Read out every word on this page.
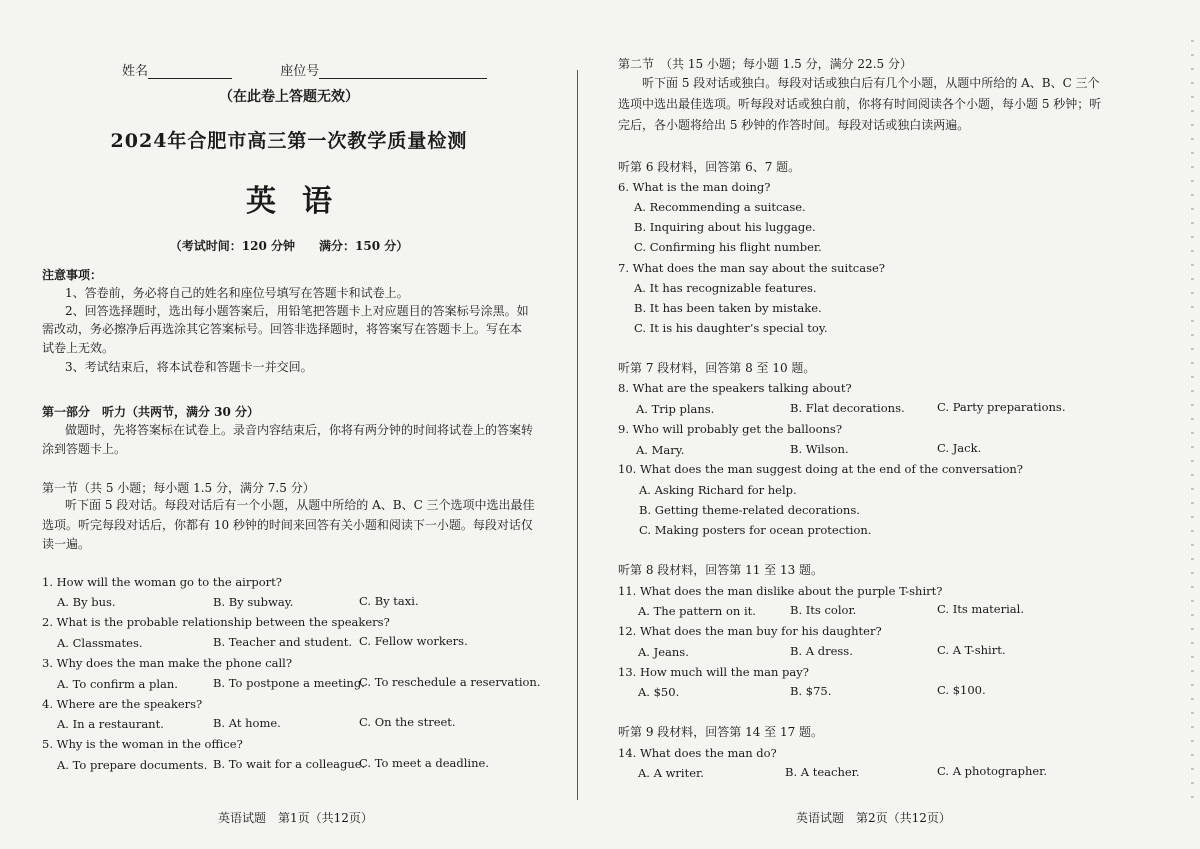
姓名	座位号
（在此卷上答题无效）
2024年合肥市高三第一次教学质量检测
英语
（考试时间：120 分钟　　满分：150 分）
注意事项：
1、答卷前，务必将自己的姓名和座位号填写在答题卡和试卷上。
2、回答选择题时，选出每小题答案后，用铅笔把答题卡上对应题目的答案标号涂黑。如
需改动，务必擦净后再选涂其它答案标号。回答非选择题时，将答案写在答题卡上。写在本
试卷上无效。
3、考试结束后，将本试卷和答题卡一并交回。
第一部分　听力（共两节，满分 30 分）
做题时，先将答案标在试卷上。录音内容结束后，你将有两分钟的时间将试卷上的答案转
涂到答题卡上。
第一节（共 5 小题；每小题 1.5 分，满分 7.5 分）
听下面 5 段对话。每段对话后有一个小题，从题中所给的 A、B、C 三个选项中选出最佳
选项。听完每段对话后，你都有 10 秒钟的时间来回答有关小题和阅读下一小题。每段对话仅
读一遍。
1. How will the woman go to the airport?
A. By bus.	B. By subway.	C. By taxi.
2. What is the probable relationship between the speakers?
A. Classmates.	B. Teacher and student. C. Fellow workers.
3. Why does the man make the phone call?
A. To confirm a plan.	B. To postpone a meeting.
C. To reschedule a reservation.
4. Where are the speakers?
A. In a restaurant.	B. At home.	C. On the street.
5. Why is the woman in the office?
A. To prepare documents. B. To wait for a colleague.
C. To meet a deadline.
英语试题　第1页（共12页）
第二节　（共 15 小题；每小题 1.5 分，满分 22.5 分）
听下面 5 段对话或独白。每段对话或独白后有几个小题，从题中所给的 A、B、C 三个
选项中选出最佳选项。听每段对话或独白前，你将有时间阅读各个小题，每小题 5 秒钟；听
完后，各小题将给出 5 秒钟的作答时间。每段对话或独白读两遍。
听第 6 段材料，回答第 6、7 题。
6. What is the man doing?
A. Recommending a suitcase.
B. Inquiring about his luggage.
C. Confirming his flight number.
7. What does the man say about the suitcase?
A. It has recognizable features.
B. It has been taken by mistake.
C. It is his daughter’s special toy.
听第 7 段材料，回答第 8 至 10 题。
8. What are the speakers talking about?
A. Trip plans.	B. Flat decorations.	C. Party preparations.
9. Who will probably get the balloons?
A. Mary.	B. Wilson.	C. Jack.
10. What does the man suggest doing at the end of the conversation?
A. Asking Richard for help.
B. Getting theme-related decorations.
C. Making posters for ocean protection.
听第 8 段材料，回答第 11 至 13 题。
11. What does the man dislike about the purple T-shirt?
A. The pattern on it.	B. Its color.	C. Its material.
12. What does the man buy for his daughter?
A. Jeans.	B. A dress.	C. A T-shirt.
13. How much will the man pay?
A. $50.	B. $75.	C. $100.
听第 9 段材料，回答第 14 至 17 题。
14. What does the man do?
A. A writer.	B. A teacher.	C. A photographer.
英语试题　第2页（共12页）
